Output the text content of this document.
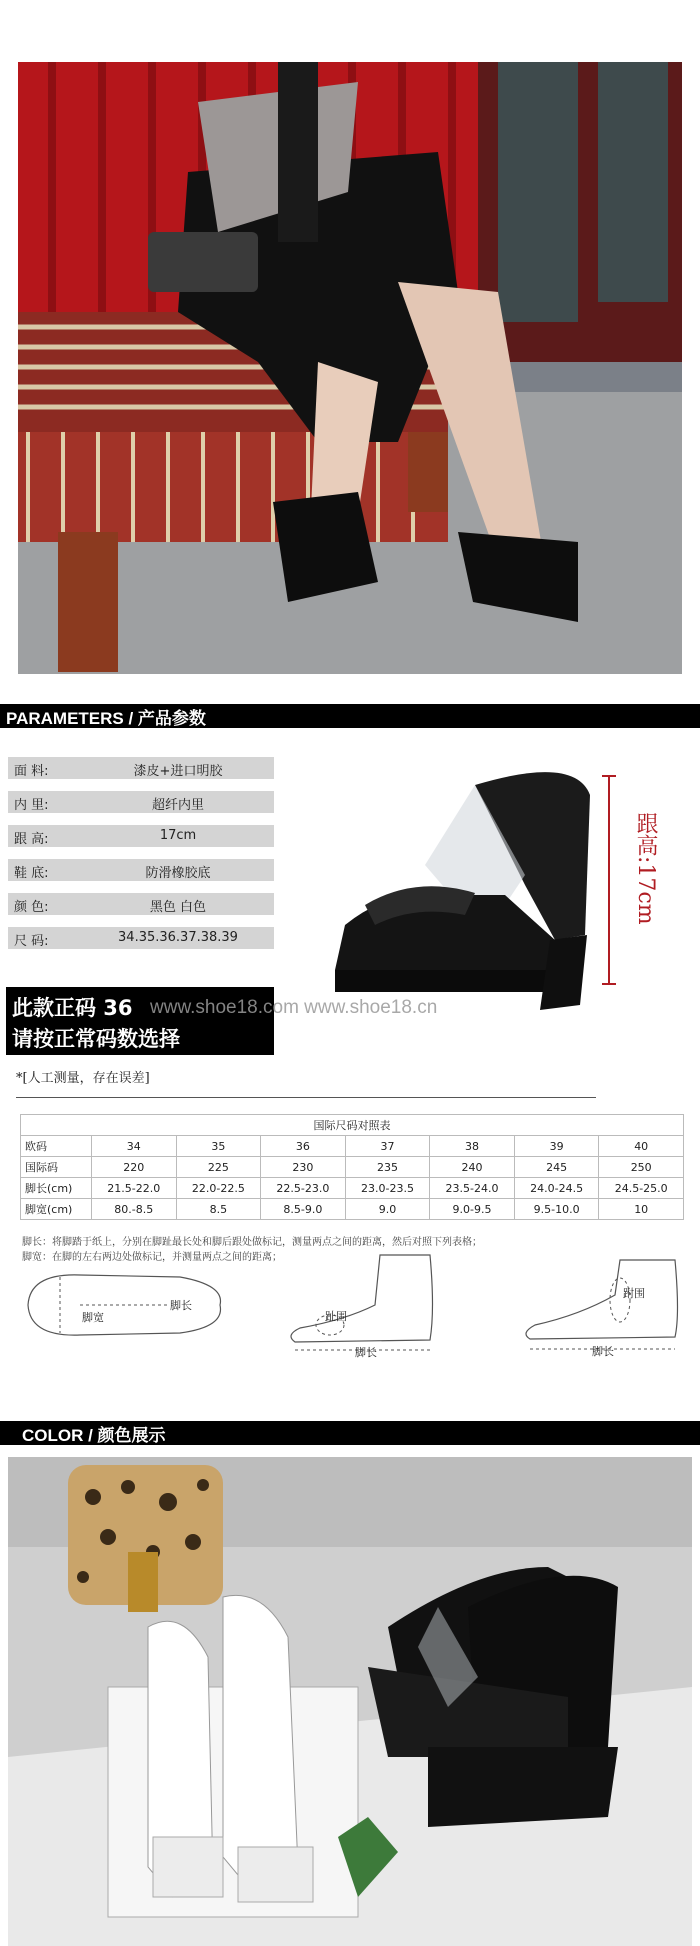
PARAMETERS / 产品参数
面 料:	漆皮+进口明胶
内 里:	超纤内里
跟 高:	17cm
鞋 底:	防滑橡胶底
颜 色:	黑色 白色
尺 码:	34.35.36.37.38.39
跟高:17cm
此款正码 36
请按正常码数选择
www.shoe18.com www.shoe18.cn
*[人工测量，存在误差]
国际尺码对照表							
欧码	34	35	36	37	38	39	40
国际码	220	225	230	235	240	245	250
脚长(cm)	21.5-22.0	22.0-22.5	22.5-23.0	23.0-23.5	23.5-24.0	24.0-24.5	24.5-25.0
脚宽(cm)	80.-8.5	8.5	8.5-9.0	9.0	9.0-9.5	9.5-10.0	10
脚长：将脚踏于纸上，分别在脚趾最长处和脚后跟处做标记，测量两点之间的距离，然后对照下列表格；
脚宽：在脚的左右两边处做标记，并测量两点之间的距离；
脚宽
脚长
趾围
脚长
跗围
脚长
COLOR / 颜色展示
